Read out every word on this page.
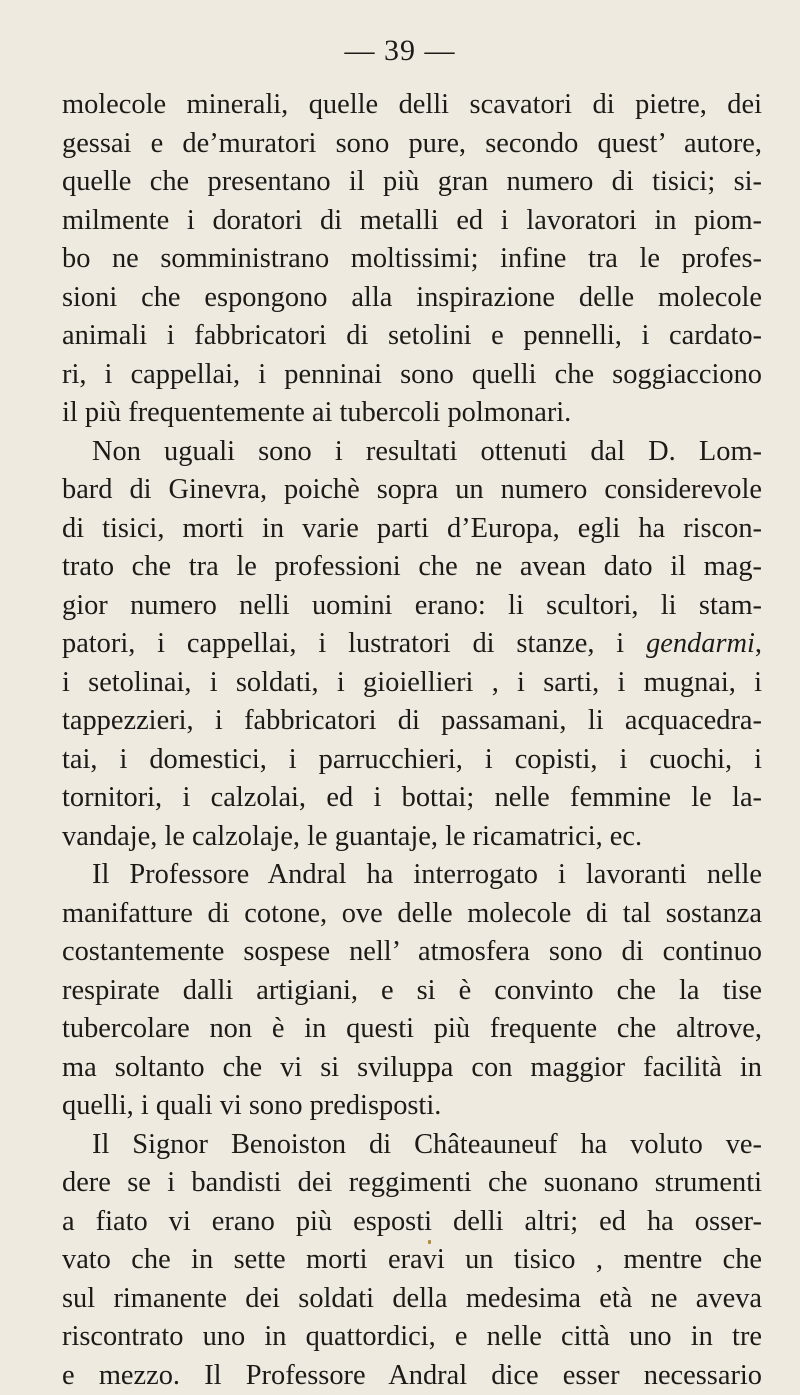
— 39 —
molecole minerali, quelle delli scavatori di pietre, dei
gessai e de’muratori sono pure, secondo quest’ autore,
quelle che presentano il più gran numero di tisici; si-
milmente i doratori di metalli ed i lavoratori in piom-
bo ne somministrano moltissimi; infine tra le profes-
sioni che espongono alla inspirazione delle molecole
animali i fabbricatori di setolini e pennelli, i cardato-
ri, i cappellai, i penninai sono quelli che soggiacciono
il più frequentemente ai tubercoli polmonari.
Non uguali sono i resultati ottenuti dal D. Lom-
bard di Ginevra, poichè sopra un numero considerevole
di tisici, morti in varie parti d’Europa, egli ha riscon-
trato che tra le professioni che ne avean dato il mag-
gior numero nelli uomini erano: li scultori, li stam-
patori, i cappellai, i lustratori di stanze, i gendarmi,
i setolinai, i soldati, i gioiellieri , i sarti, i mugnai, i
tappezzieri, i fabbricatori di passamani, li acquacedra-
tai, i domestici, i parrucchieri, i copisti, i cuochi, i
tornitori, i calzolai, ed i bottai; nelle femmine le la-
vandaje, le calzolaje, le guantaje, le ricamatrici, ec.
Il Professore Andral ha interrogato i lavoranti nelle
manifatture di cotone, ove delle molecole di tal sostanza
costantemente sospese nell’ atmosfera sono di continuo
respirate dalli artigiani, e si è convinto che la tise
tubercolare non è in questi più frequente che altrove,
ma soltanto che vi si sviluppa con maggior facilità in
quelli, i quali vi sono predisposti.
Il Signor Benoiston di Châteauneuf ha voluto ve-
dere se i bandisti dei reggimenti che suonano strumenti
a fiato vi erano più esposti delli altri; ed ha osser-
vato che in sette morti eravi un tisico , mentre che
sul rimanente dei soldati della medesima età ne aveva
riscontrato uno in quattordici, e nelle città uno in tre
e mezzo. Il Professore Andral dice esser necessario
